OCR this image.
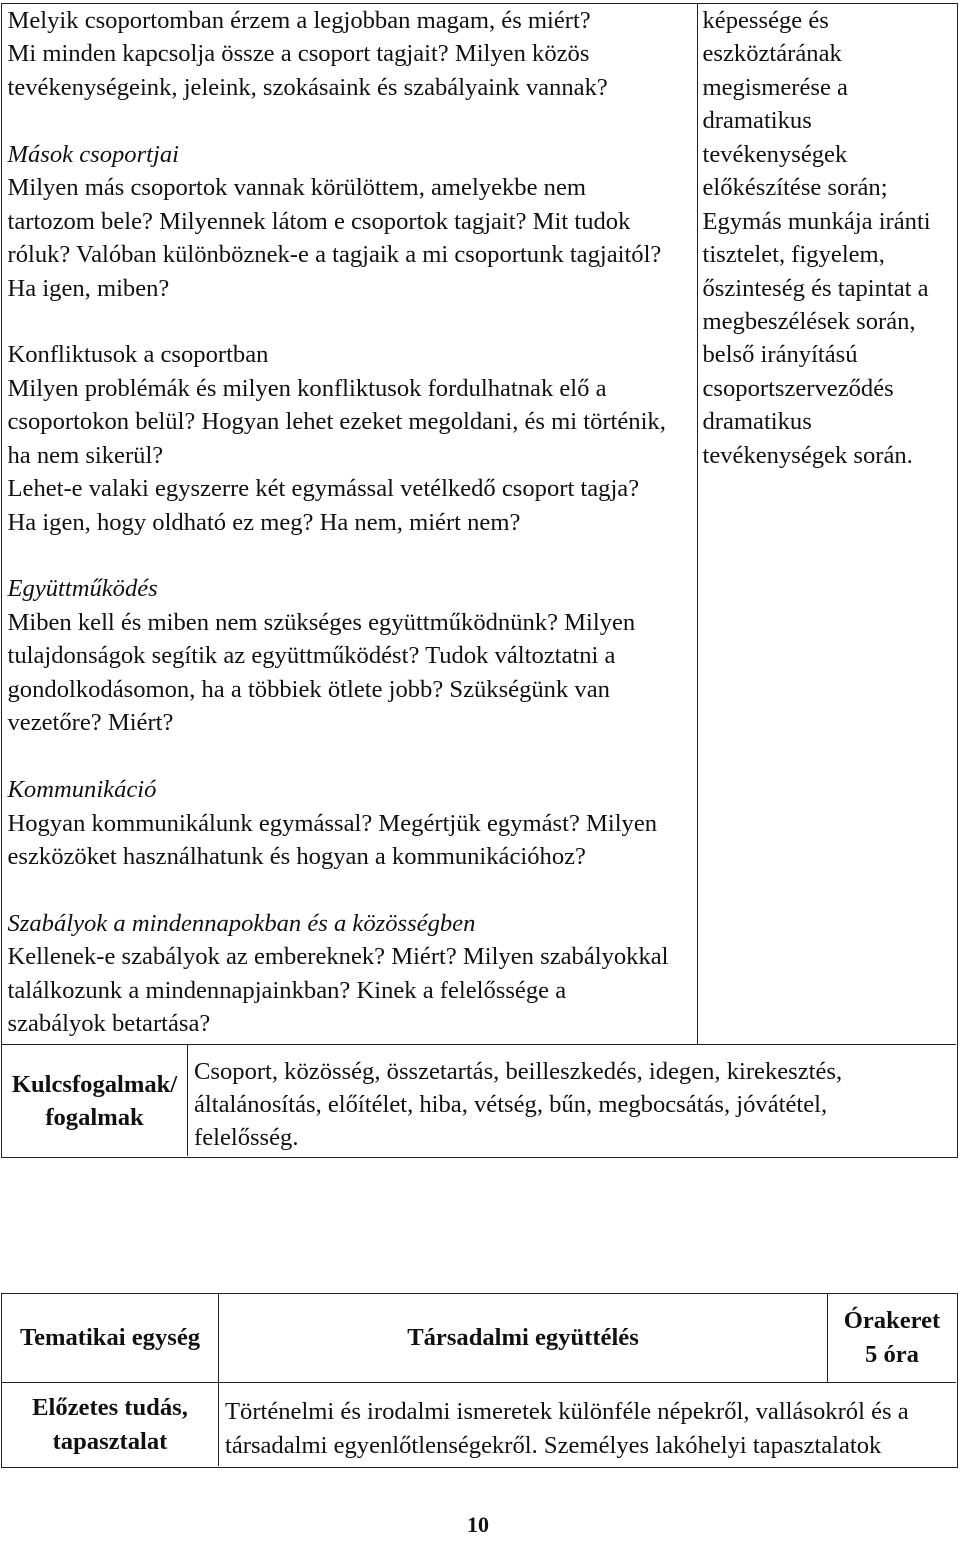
Melyik csoportomban érzem a legjobban magam, és miért?
Mi minden kapcsolja össze a csoport tagjait? Milyen közös
tevékenységeink, jeleink, szokásaink és szabályaink vannak?
Mások csoportjai
Milyen más csoportok vannak körülöttem, amelyekbe nem
tartozom bele? Milyennek látom e csoportok tagjait? Mit tudok
róluk? Valóban különböznek-e a tagjaik a mi csoportunk tagjaitól?
Ha igen, miben?
Konfliktusok a csoportban
Milyen problémák és milyen konfliktusok fordulhatnak elő a
csoportokon belül? Hogyan lehet ezeket megoldani, és mi történik,
ha nem sikerül?
Lehet-e valaki egyszerre két egymással vetélkedő csoport tagja?
Ha igen, hogy oldható ez meg? Ha nem, miért nem?
Együttműködés
Miben kell és miben nem szükséges együttműködnünk? Milyen
tulajdonságok segítik az együttműködést? Tudok változtatni a
gondolkodásomon, ha a többiek ötlete jobb? Szükségünk van
vezetőre? Miért?
Kommunikáció
Hogyan kommunikálunk egymással? Megértjük egymást? Milyen
eszközöket használhatunk és hogyan a kommunikációhoz?
Szabályok a mindennapokban és a közösségben
Kellenek-e szabályok az embereknek? Miért? Milyen szabályokkal
találkozunk a mindennapjainkban? Kinek a felelőssége a
szabályok betartása?
képessége és
eszköztárának
megismerése a
dramatikus
tevékenységek
előkészítése során;
Egymás munkája iránti
tisztelet, figyelem,
őszinteség és tapintat a
megbeszélések során,
belső irányítású
csoportszerveződés
dramatikus
tevékenységek során.
Kulcsfogalmak/
fogalmak
Csoport, közösség, összetartás, beilleszkedés, idegen, kirekesztés,
általánosítás, előítélet, hiba, vétség, bűn, megbocsátás, jóvátétel,
felelősség.
Tematikai egység	Társadalmi együttélés
Órakeret
5 óra
Előzetes tudás,
tapasztalat
Történelmi és irodalmi ismeretek különféle népekről, vallásokról és a
társadalmi egyenlőtlenségekről. Személyes lakóhelyi tapasztalatok
10
